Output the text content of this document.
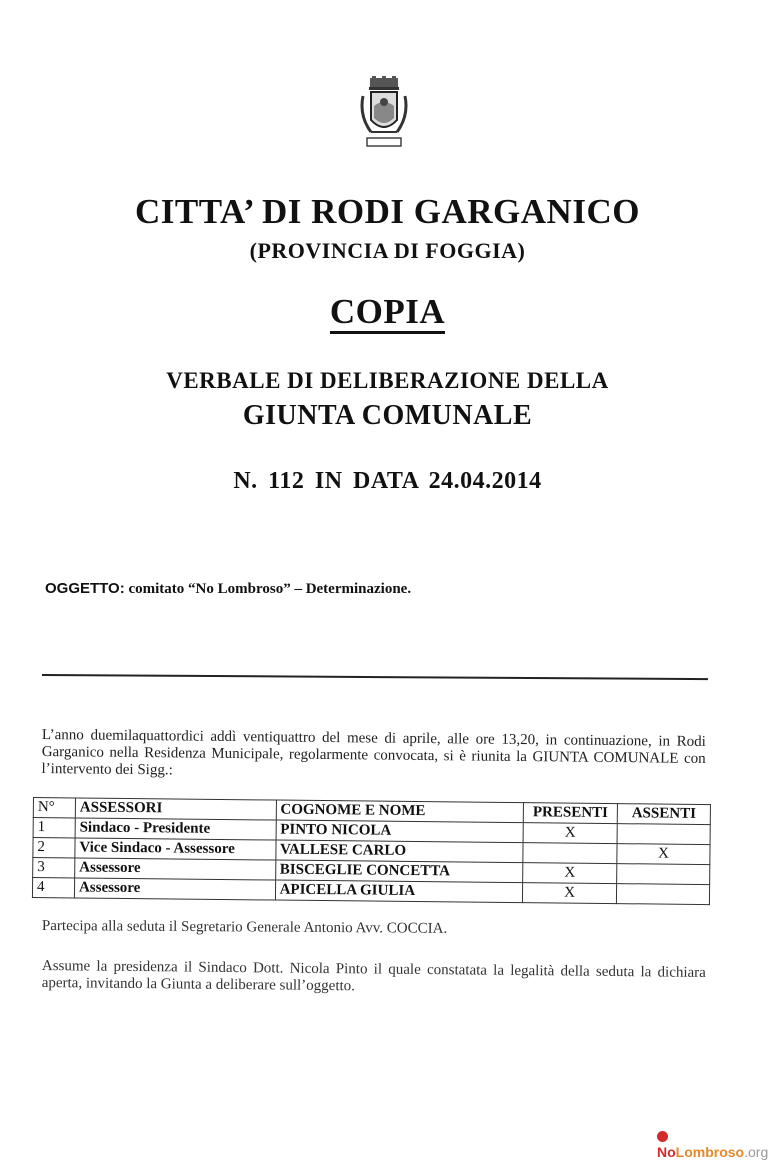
CITTA’ DI RODI GARGANICO
(PROVINCIA DI FOGGIA)
COPIA
VERBALE DI DELIBERAZIONE DELLA
GIUNTA COMUNALE
N. 112 IN DATA 24.04.2014
OGGETTO: comitato “No Lombroso” – Determinazione.
L’anno duemilaquattordici addì ventiquattro del mese di aprile, alle ore 13,20, in continuazione, in Rodi Garganico nella Residenza Municipale, regolarmente convocata, si è riunita la GIUNTA COMUNALE con l’intervento dei Sigg.:
N°	ASSESSORI	COGNOME E NOME	PRESENTI	ASSENTI
1	Sindaco - Presidente	PINTO NICOLA	X	
2	Vice Sindaco - Assessore	VALLESE CARLO		X
3	Assessore	BISCEGLIE CONCETTA	X	
4	Assessore	APICELLA GIULIA	X	
Partecipa alla seduta il Segretario Generale Antonio Avv. COCCIA.
Assume la presidenza il Sindaco Dott. Nicola Pinto il quale constatata la legalità della seduta la dichiara aperta, invitando la Giunta a deliberare sull’oggetto.
NoLombroso.org
